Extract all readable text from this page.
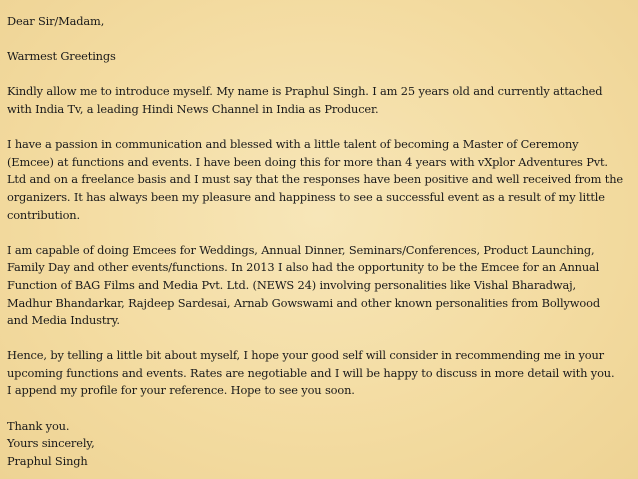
Dear Sir/Madam,

Warmest Greetings

Kindly allow me to introduce myself. My name is Praphul Singh. I am 25 years old and currently attached
with India Tv, a leading Hindi News Channel in India as Producer.

I have a passion in communication and blessed with a little talent of becoming a Master of Ceremony
(Emcee) at functions and events. I have been doing this for more than 4 years with vXplor Adventures Pvt.
Ltd and on a freelance basis and I must say that the responses have been positive and well received from the
organizers. It has always been my pleasure and happiness to see a successful event as a result of my little
contribution.

I am capable of doing Emcees for Weddings, Annual Dinner, Seminars/Conferences, Product Launching,
Family Day and other events/functions. In 2013 I also had the opportunity to be the Emcee for an Annual
Function of BAG Films and Media Pvt. Ltd. (NEWS 24) involving personalities like Vishal Bharadwaj,
Madhur Bhandarkar, Rajdeep Sardesai, Arnab Gowswami and other known personalities from Bollywood
and Media Industry.

Hence, by telling a little bit about myself, I hope your good self will consider in recommending me in your
upcoming functions and events. Rates are negotiable and I will be happy to discuss in more detail with you.
I append my profile for your reference. Hope to see you soon.

Thank you.
Yours sincerely,
Praphul Singh
